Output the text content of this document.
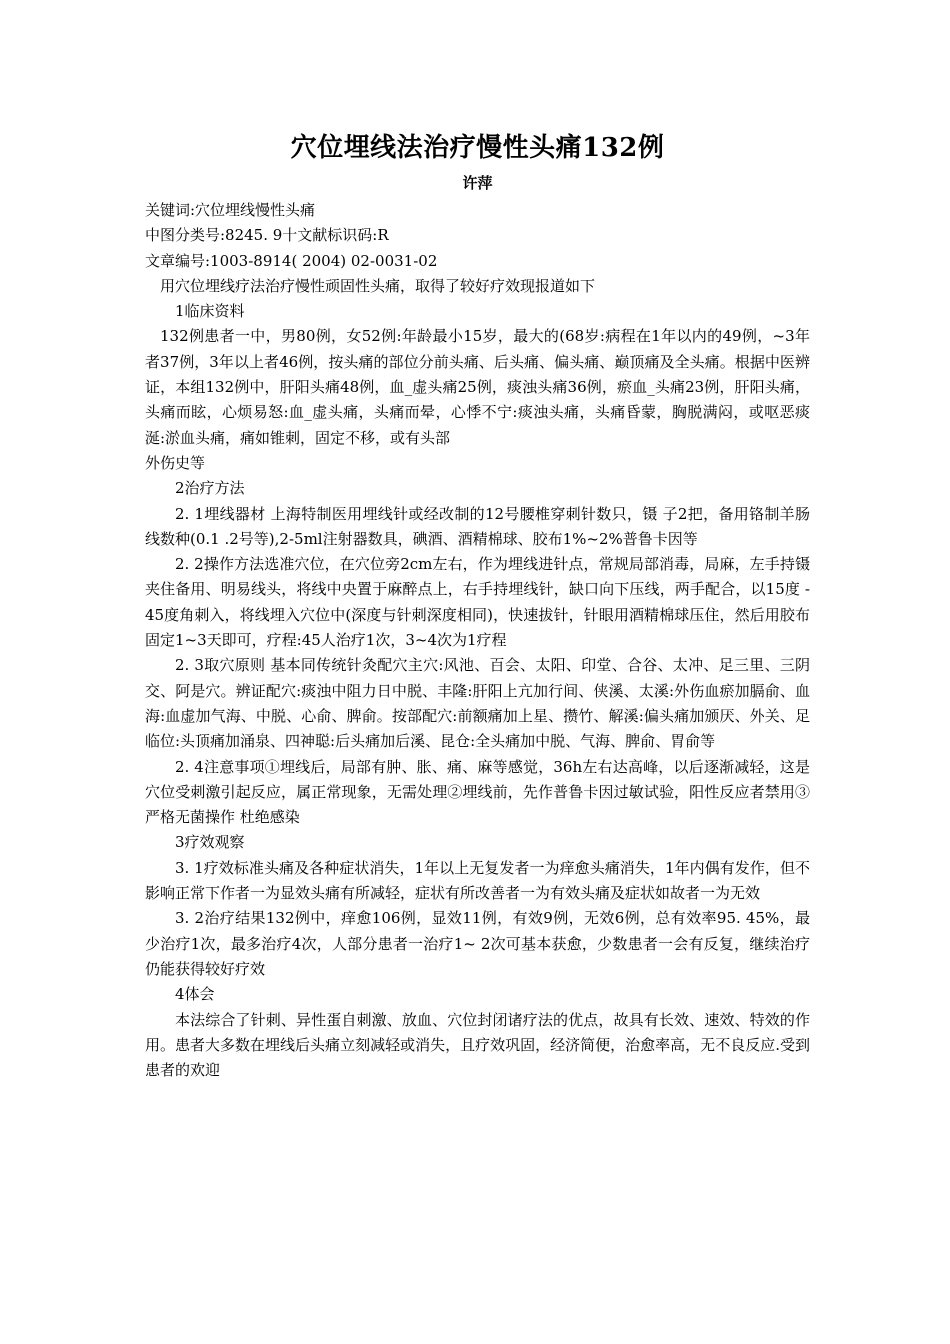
穴位埋线法治疗慢性头痛132例
许萍

关键词:穴位埋线慢性头痛

中图分类号:8245. 9十文献标识码:R

文章编号:1003-8914( 2004) 02-0031-02

用穴位埋线疗法治疗慢性顽固性头痛，取得了较好疗效现报道如下

1临床资料

132例患者一中，男80例，女52例:年龄最小15岁，最大的(68岁:病程在1年以内的49例，~3年者37例，3年以上者46例，按头痛的部位分前头痛、后头痛、偏头痛、巅顶痛及全头痛。根据中医辨证，本组132例中，肝阳头痛48例，血_虚头痛25例，痰浊头痛36例，瘀血_头痛23例，肝阳头痛，头痛而眩，心烦易怒:血_虚头痛，头痛而晕，心悸不宁:痰浊头痛，头痛昏蒙，胸脱满闷，或呕恶痰涎:淤血头痛，痛如锥刺，固定不移，或有头部

外伤史等

2治疗方法

2. 1埋线器材 上海特制医用埋线针或经改制的12号腰椎穿刺针数只，镊 子2把，备用铬制羊肠线数种(0.1 .2号等),2-5ml注射器数具，碘酒、酒精棉球、胶布1%~2%普鲁卡因等

2. 2操作方法选准穴位，在穴位旁2cm左右，作为埋线进针点，常规局部消毒，局麻，左手持镊夹住备用、明易线头，将线中央置于麻醉点上，右手持埋线针，缺口向下压线，两手配合，以15度 - 45度角刺入，将线埋入穴位中(深度与针刺深度相同)，快速拔针，针眼用酒精棉球压住，然后用胶布固定1~3天即可，疗程:45人治疗1次，3~4次为1疗程

2. 3取穴原则 基本同传统针灸配穴主穴:风池、百会、太阳、印堂、合谷、太冲、足三里、三阴交、阿是穴。辨证配穴:痰浊中阻力日中脱、丰隆:肝阳上亢加行间、侠溪、太溪:外伤血瘀加膈俞、血海:血虚加气海、中脱、心俞、脾俞。按部配穴:前额痛加上星、攒竹、解溪:偏头痛加颁厌、外关、足临位:头顶痛加涌泉、四神聪:后头痛加后溪、昆仓:全头痛加中脱、气海、脾俞、胃俞等

2. 4注意事项①埋线后，局部有肿、胀、痛、麻等感觉，36h左右达高峰，以后逐渐减轻，这是穴位受刺激引起反应，属正常现象，无需处理②埋线前，先作普鲁卡因过敏试验，阳性反应者禁用③严格无菌操作 杜绝感染

3疗效观察

3. 1疗效标准头痛及各种症状消失，1年以上无复发者一为痒愈头痛消失，1年内偶有发作，但不影响正常下作者一为显效头痛有所减轻，症状有所改善者一为有效头痛及症状如故者一为无效

3. 2治疗结果132例中，痒愈106例，显效11例，有效9例，无效6例，总有效率95. 45%，最少治疗1次，最多治疗4次，人部分患者一治疗1~ 2次可基本获愈，少数患者一会有反复，继续治疗仍能获得较好疗效

4体会

本法综合了针刺、异性蛋自刺激、放血、穴位封闭诸疗法的优点，故具有长效、速效、特效的作用。患者大多数在埋线后头痛立刻减轻或消失，且疗效巩固，经济简便，治愈率高，无不良反应.受到患者的欢迎
